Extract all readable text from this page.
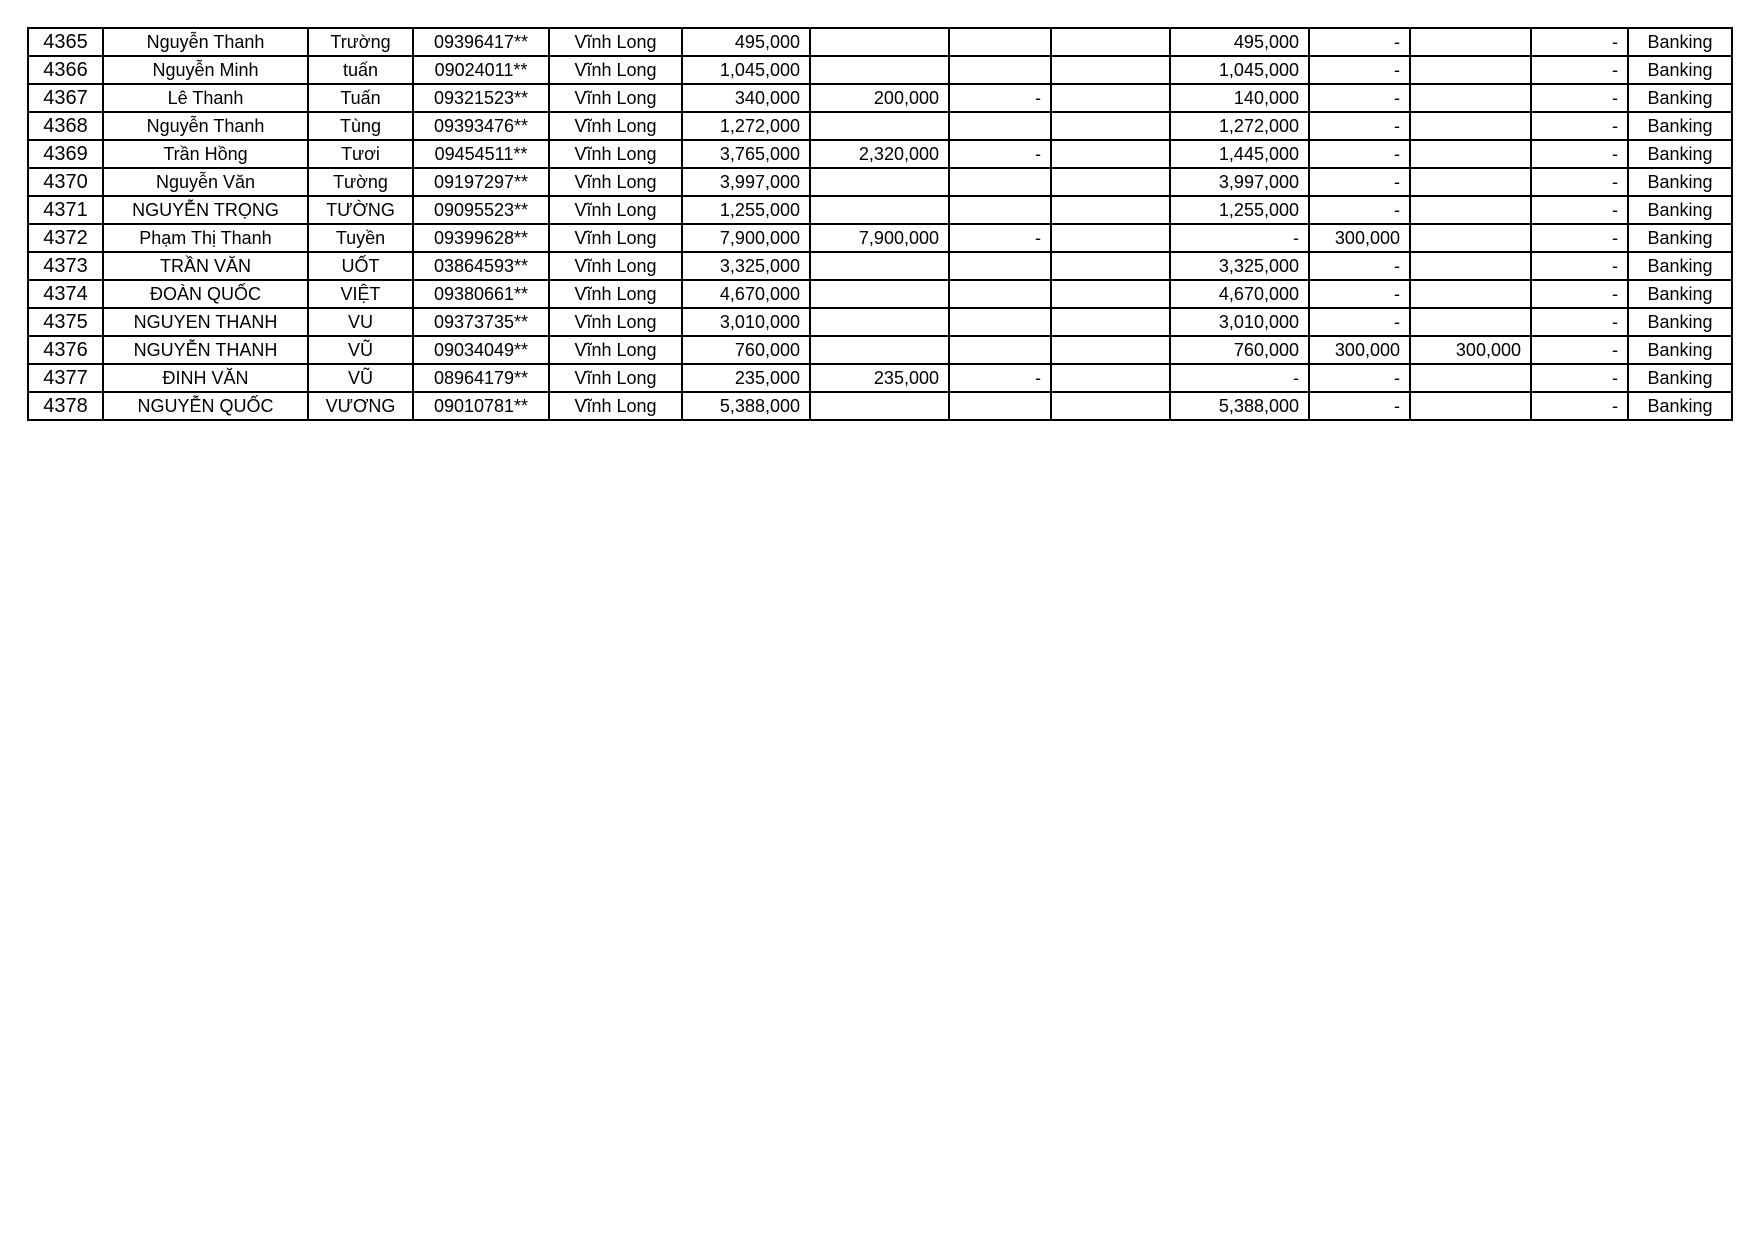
4365	Nguyễn Thanh	Trường	09396417**	Vĩnh Long	495,000				495,000	-		-	Banking
4366	Nguyễn Minh	tuấn	09024011**	Vĩnh Long	1,045,000				1,045,000	-		-	Banking
4367	Lê Thanh	Tuấn	09321523**	Vĩnh Long	340,000	200,000	-		140,000	-		-	Banking
4368	Nguyễn Thanh	Tùng	09393476**	Vĩnh Long	1,272,000				1,272,000	-		-	Banking
4369	Trần Hồng	Tươi	09454511**	Vĩnh Long	3,765,000	2,320,000	-		1,445,000	-		-	Banking
4370	Nguyễn Văn	Tường	09197297**	Vĩnh Long	3,997,000				3,997,000	-		-	Banking
4371	NGUYỄN TRỌNG	TƯỜNG	09095523**	Vĩnh Long	1,255,000				1,255,000	-		-	Banking
4372	Phạm Thị Thanh	Tuyền	09399628**	Vĩnh Long	7,900,000	7,900,000	-		-	300,000		-	Banking
4373	TRẦN VĂN	UỐT	03864593**	Vĩnh Long	3,325,000				3,325,000	-		-	Banking
4374	ĐOÀN QUỐC	VIỆT	09380661**	Vĩnh Long	4,670,000				4,670,000	-		-	Banking
4375	NGUYEN THANH	VU	09373735**	Vĩnh Long	3,010,000				3,010,000	-		-	Banking
4376	NGUYỄN THANH	VŨ	09034049**	Vĩnh Long	760,000				760,000	300,000	300,000	-	Banking
4377	ĐINH VĂN	VŨ	08964179**	Vĩnh Long	235,000	235,000	-		-	-		-	Banking
4378	NGUYỄN QUỐC	VƯƠNG	09010781**	Vĩnh Long	5,388,000				5,388,000	-		-	Banking
